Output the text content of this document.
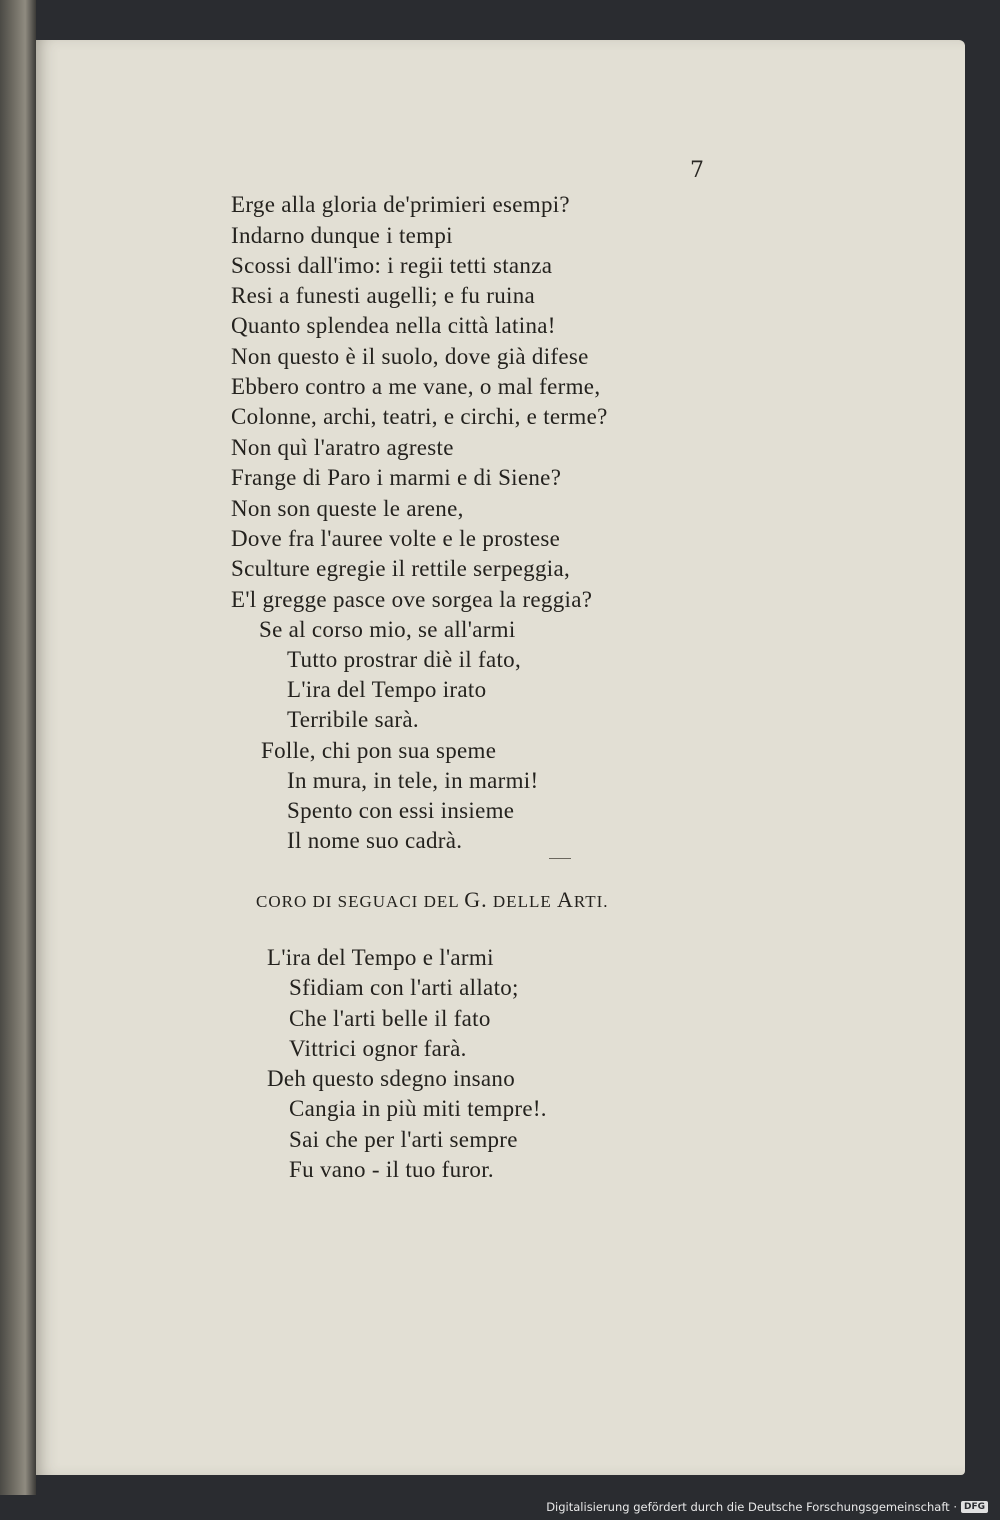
7
Erge alla gloria de'primieri esempi?
Indarno dunque i tempi
Scossi dall'imo: i regii tetti stanza
Resi a funesti augelli; e fu ruina
Quanto splendea nella città latina!
Non questo è il suolo, dove già difese
Ebbero contro a me vane, o mal ferme,
Colonne, archi, teatri, e circhi, e terme?
Non quì l'aratro agreste
Frange di Paro i marmi e di Siene?
Non son queste le arene,
Dove fra l'auree volte e le prostese
Sculture egregie il rettile serpeggia,
E'l gregge pasce ove sorgea la reggia?
Se al corso mio, se all'armi
Tutto prostrar diè il fato,
L'ira del Tempo irato
Terribile sarà.
Folle, chi pon sua speme
In mura, in tele, in marmi!
Spento con essi insieme
Il nome suo cadrà.
CORO DI SEGUACI DEL G. DELLE ARTI.
L'ira del Tempo e l'armi
Sfidiam con l'arti allato;
Che l'arti belle il fato
Vittrici ognor farà.
Deh questo sdegno insano
Cangia in più miti tempre!.
Sai che per l'arti sempre
Fu vano - il tuo furor.
Digitalisierung gefördert durch die Deutsche Forschungsgemeinschaft · DFG
